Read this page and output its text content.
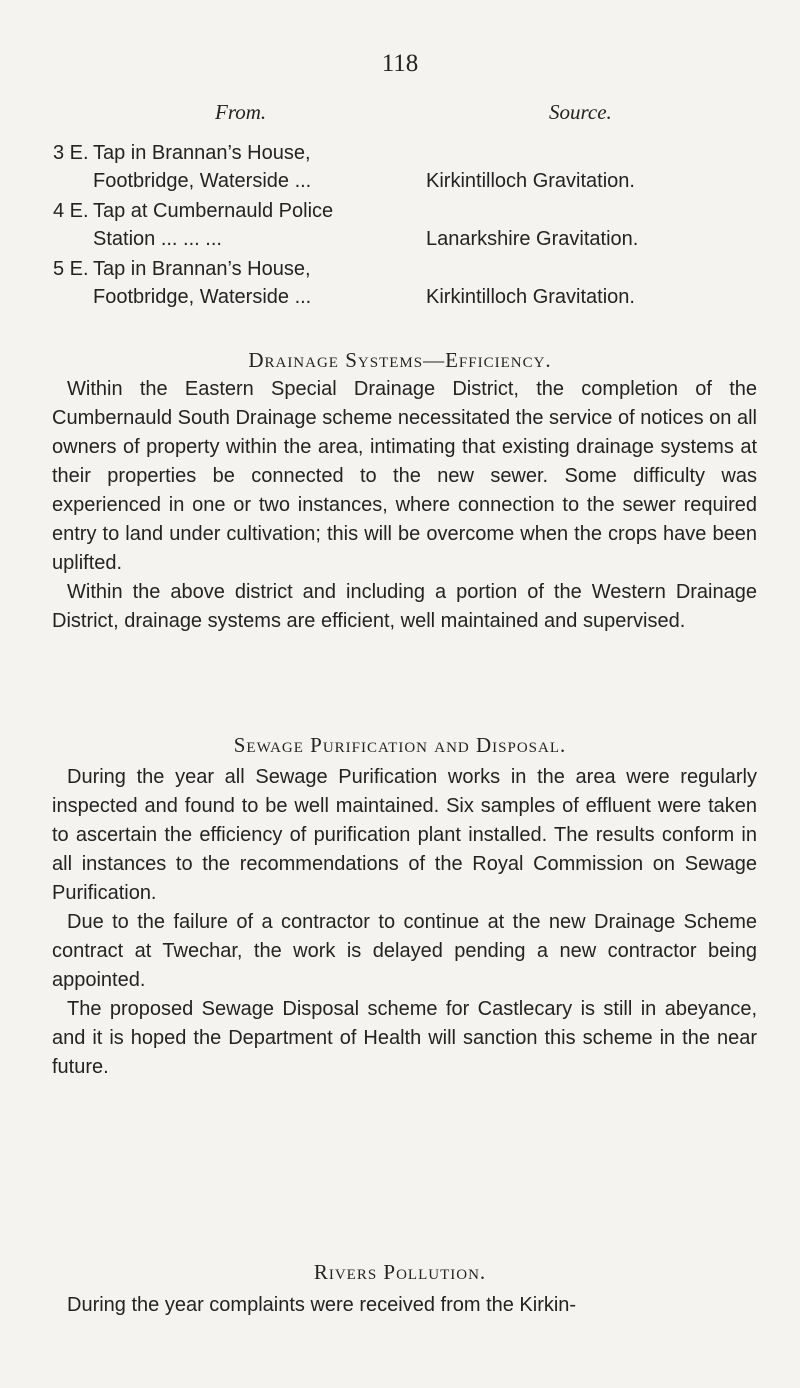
118
From.	Source.
3 E. Tap in Brannan’s House,
Footbridge, Waterside ...	Kirkintilloch Gravitation.
4 E. Tap at Cumbernauld Police
Station ... ... ...	Lanarkshire Gravitation.
5 E. Tap in Brannan’s House,
Footbridge, Waterside ...	Kirkintilloch Gravitation.
Drainage Systems—Efficiency.

Within the Eastern Special Drainage District, the completion of the Cumbernauld South Drainage scheme necessitated the service of notices on all owners of property within the area, intimating that existing drainage systems at their properties be connected to the new sewer. Some difficulty was experienced in one or two instances, where connection to the sewer required entry to land under cultivation; this will be overcome when the crops have been uplifted.

Within the above district and including a portion of the Western Drainage District, drainage systems are efficient, well maintained and supervised.

Sewage Purification and Disposal.

During the year all Sewage Purification works in the area were regularly inspected and found to be well maintained. Six samples of effluent were taken to ascertain the efficiency of purification plant installed. The results conform in all instances to the recommendations of the Royal Commission on Sewage Purification.

Due to the failure of a contractor to continue at the new Drainage Scheme contract at Twechar, the work is delayed pending a new contractor being appointed.

The proposed Sewage Disposal scheme for Castlecary is still in abeyance, and it is hoped the Department of Health will sanction this scheme in the near future.

Rivers Pollution.

During the year complaints were received from the Kirkin-
